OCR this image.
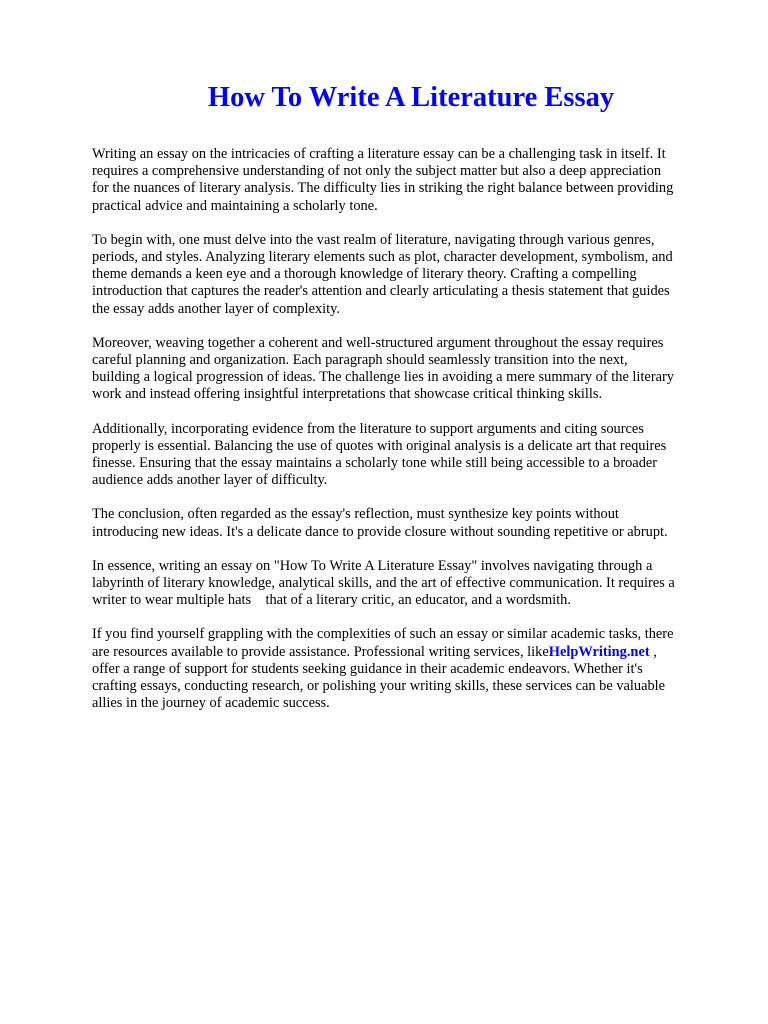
How To Write A Literature Essay

Writing an essay on the intricacies of crafting a literature essay can be a challenging task in itself. It
requires a comprehensive understanding of not only the subject matter but also a deep appreciation
for the nuances of literary analysis. The difficulty lies in striking the right balance between providing
practical advice and maintaining a scholarly tone.

To begin with, one must delve into the vast realm of literature, navigating through various genres,
periods, and styles. Analyzing literary elements such as plot, character development, symbolism, and
theme demands a keen eye and a thorough knowledge of literary theory. Crafting a compelling
introduction that captures the reader's attention and clearly articulating a thesis statement that guides
the essay adds another layer of complexity.

Moreover, weaving together a coherent and well-structured argument throughout the essay requires
careful planning and organization. Each paragraph should seamlessly transition into the next,
building a logical progression of ideas. The challenge lies in avoiding a mere summary of the literary
work and instead offering insightful interpretations that showcase critical thinking skills.

Additionally, incorporating evidence from the literature to support arguments and citing sources
properly is essential. Balancing the use of quotes with original analysis is a delicate art that requires
finesse. Ensuring that the essay maintains a scholarly tone while still being accessible to a broader
audience adds another layer of difficulty.

The conclusion, often regarded as the essay's reflection, must synthesize key points without
introducing new ideas. It's a delicate dance to provide closure without sounding repetitive or abrupt.

In essence, writing an essay on "How To Write A Literature Essay" involves navigating through a
labyrinth of literary knowledge, analytical skills, and the art of effective communication. It requires a
writer to wear multiple hats    that of a literary critic, an educator, and a wordsmith.

If you find yourself grappling with the complexities of such an essay or similar academic tasks, there
are resources available to provide assistance. Professional writing services, likeHelpWriting.net ,
offer a range of support for students seeking guidance in their academic endeavors. Whether it's
crafting essays, conducting research, or polishing your writing skills, these services can be valuable
allies in the journey of academic success.
